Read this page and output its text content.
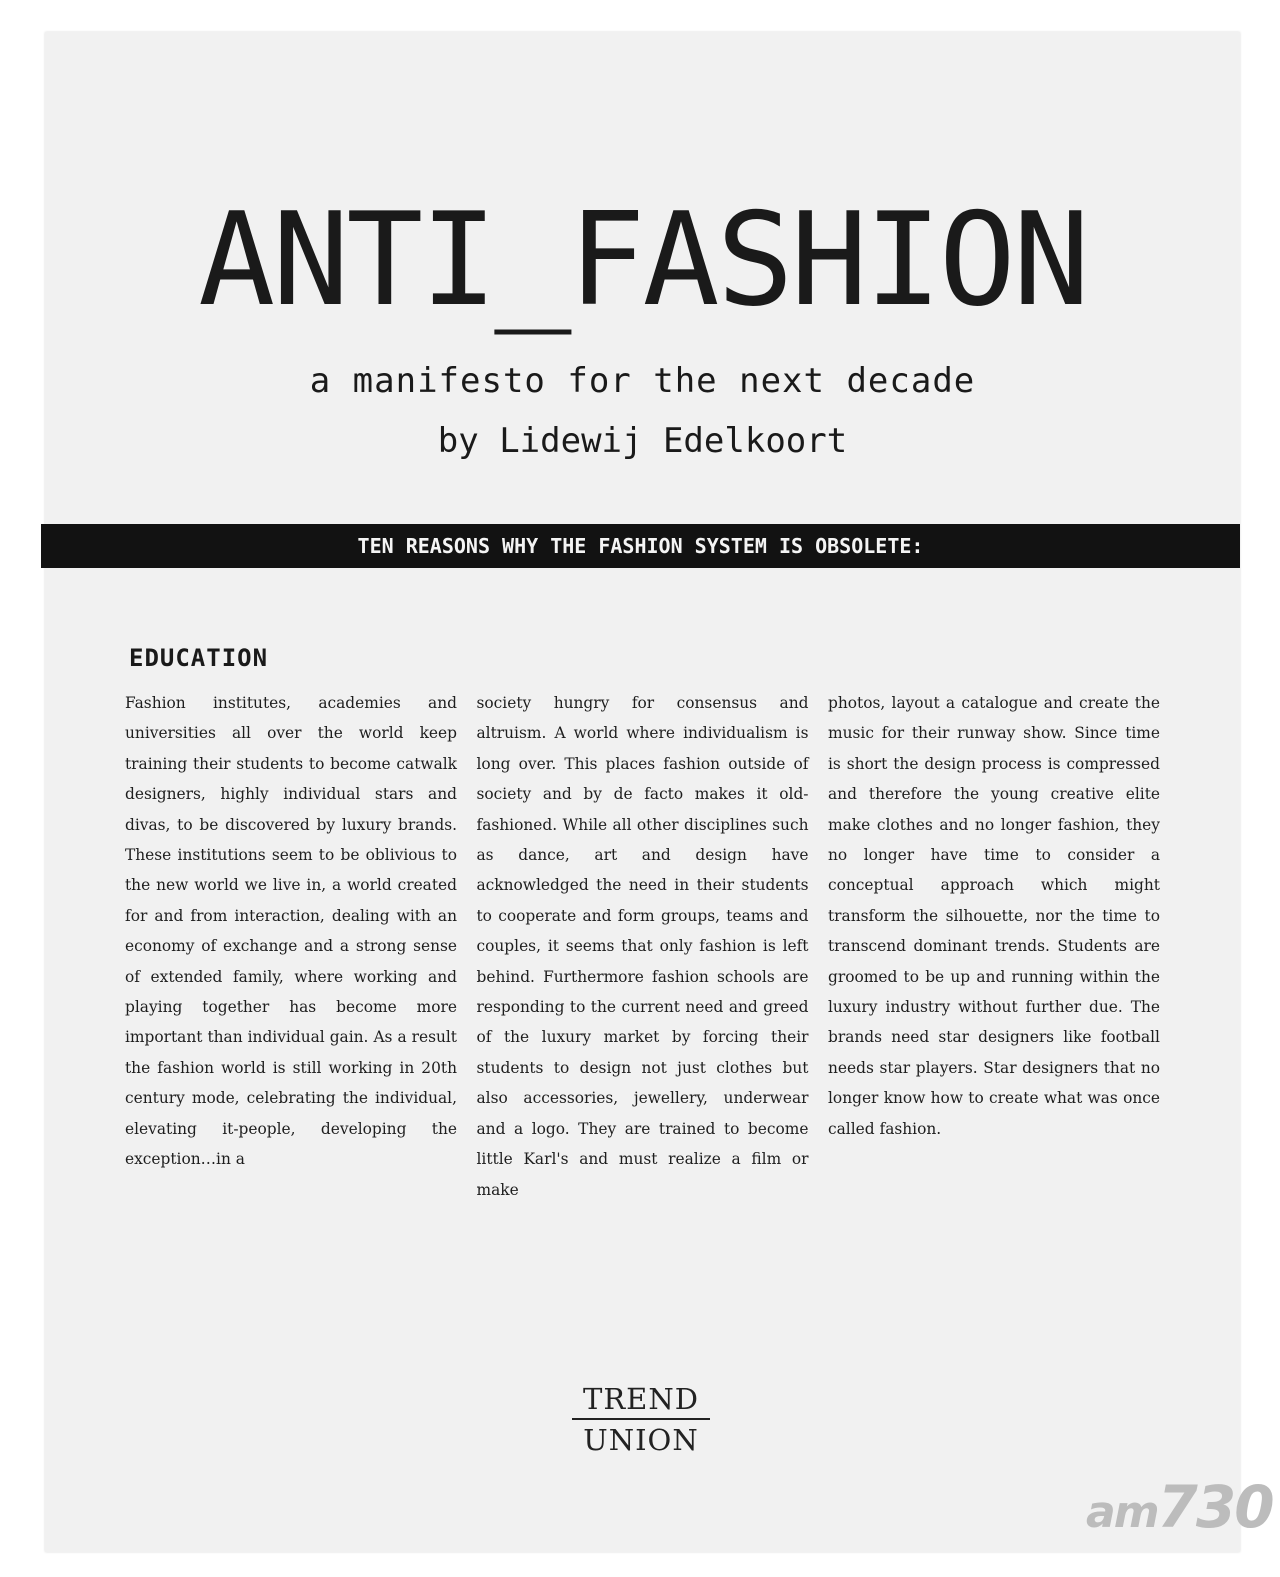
ANTI_FASHION
a manifesto for the next decade
by Lidewij Edelkoort
TEN REASONS WHY THE FASHION SYSTEM IS OBSOLETE:
EDUCATION

Fashion institutes, academies and universities all over the world keep training their students to become catwalk designers, highly individual stars and divas, to be discovered by luxury brands. These institutions seem to be oblivious to the new world we live in, a world created for and from interaction, dealing with an economy of exchange and a strong sense of extended family, where working and playing together has become more important than individual gain. As a result the fashion world is still working in 20th century mode, celebrating the individual, elevating it-people, developing the exception…in a

society hungry for consensus and altruism. A world where individualism is long over. This places fashion outside of society and by de facto makes it old-fashioned. While all other disciplines such as dance, art and design have acknowledged the need in their students to cooperate and form groups, teams and couples, it seems that only fashion is left behind. Furthermore fashion schools are responding to the current need and greed of the luxury market by forcing their students to design not just clothes but also accessories, jewellery, underwear and a logo. They are trained to become little Karl's and must realize a film or make

photos, layout a catalogue and create the music for their runway show. Since time is short the design process is compressed and therefore the young creative elite make clothes and no longer fashion, they no longer have time to consider a conceptual approach which might transform the silhouette, nor the time to transcend dominant trends. Students are groomed to be up and running within the luxury industry without further due. The brands need star designers like football needs star players. Star designers that no longer know how to create what was once called fashion.

TREND
UNION
am730
